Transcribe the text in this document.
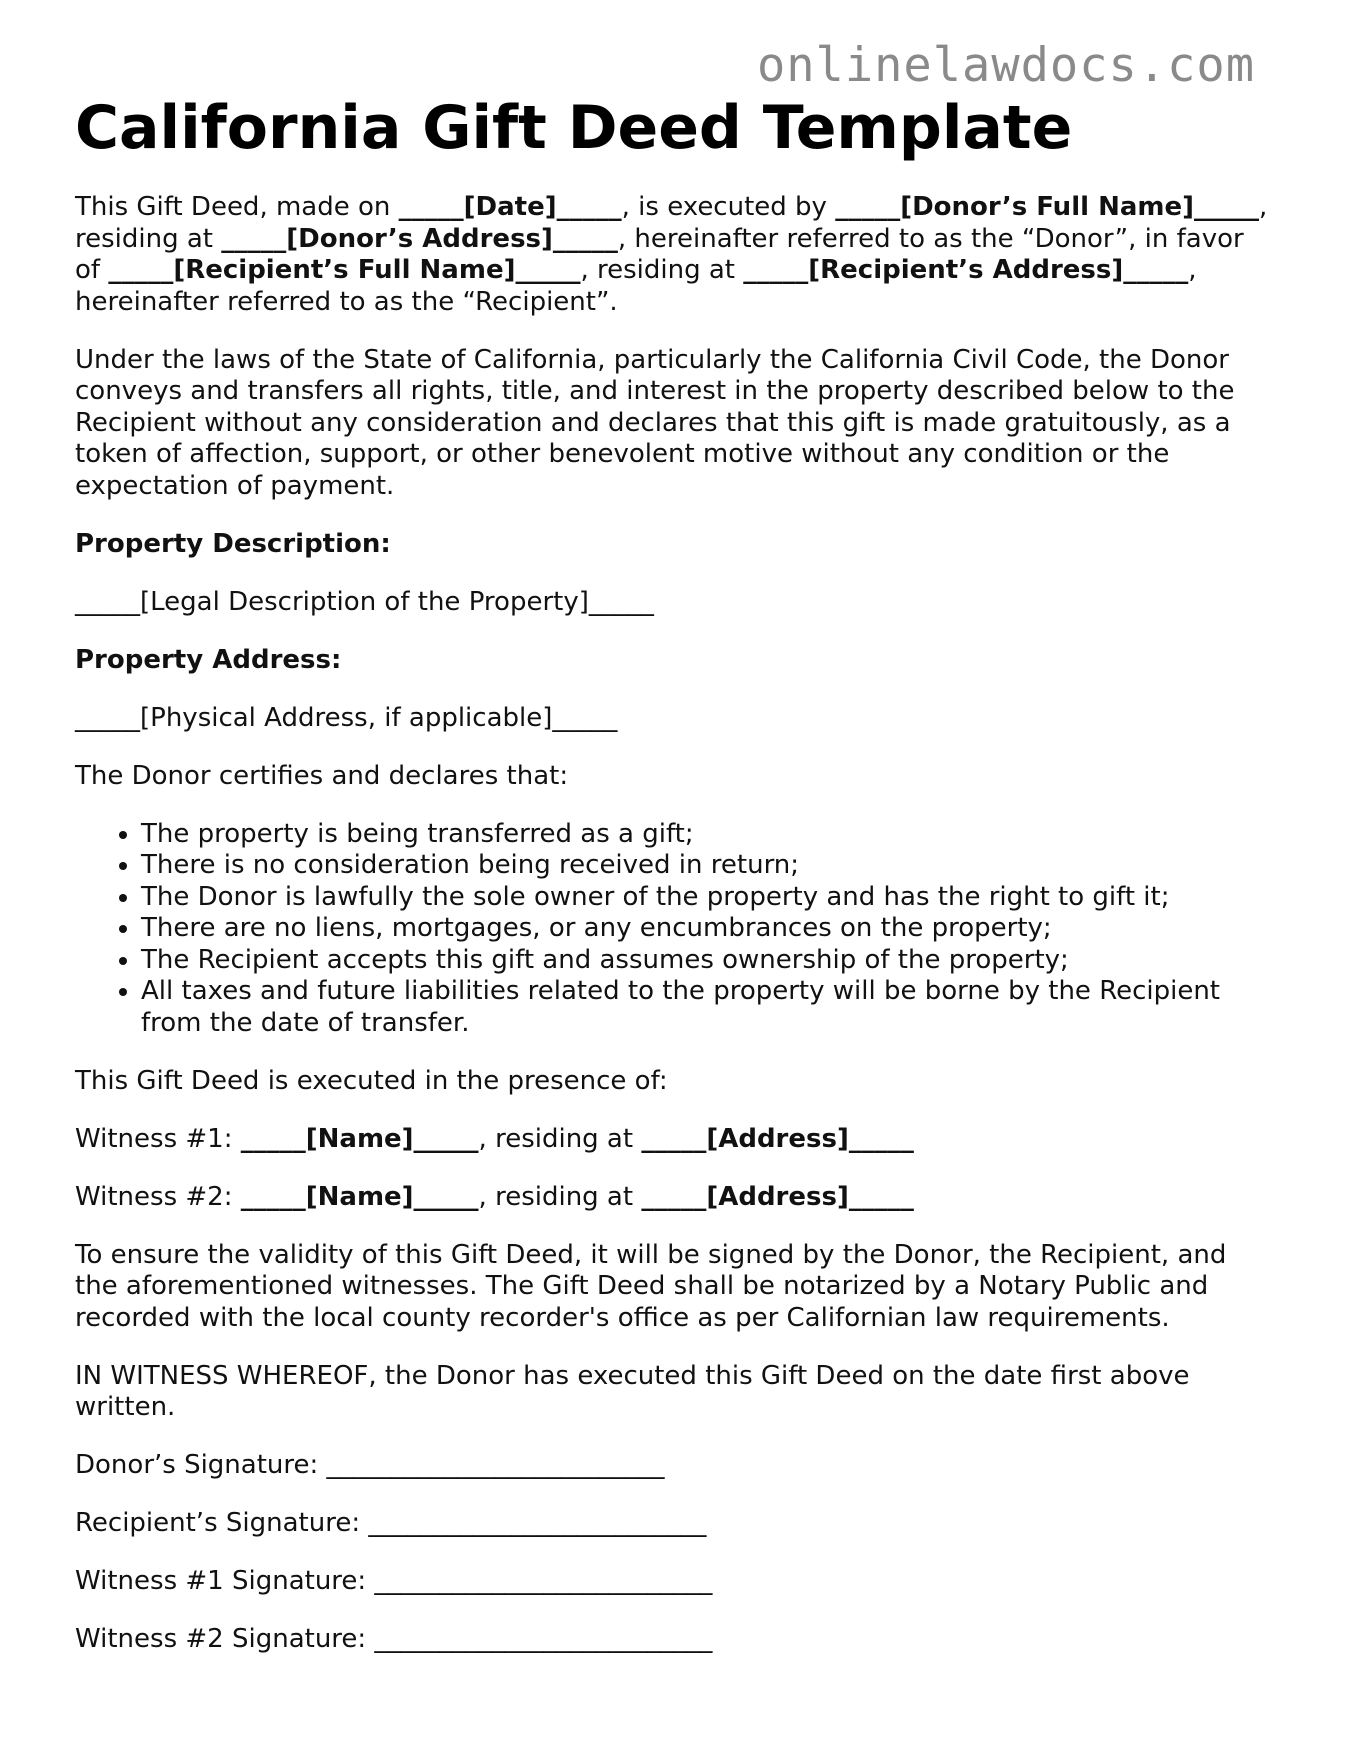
onlinelawdocs.com
California Gift Deed Template

This Gift Deed, made on _____[Date]_____, is executed by _____[Donor’s Full Name]_____, residing at _____[Donor’s Address]_____, hereinafter referred to as the “Donor”, in favor of _____[Recipient’s Full Name]_____, residing at _____[Recipient’s Address]_____, hereinafter referred to as the “Recipient”.

Under the laws of the State of California, particularly the California Civil Code, the Donor conveys and transfers all rights, title, and interest in the property described below to the Recipient without any consideration and declares that this gift is made gratuitously, as a token of affection, support, or other benevolent motive without any condition or the expectation of payment.

Property Description:

_____[Legal Description of the Property]_____

Property Address:

_____[Physical Address, if applicable]_____

The Donor certifies and declares that:

• The property is being transferred as a gift;
• There is no consideration being received in return;
• The Donor is lawfully the sole owner of the property and has the right to gift it;
• There are no liens, mortgages, or any encumbrances on the property;
• The Recipient accepts this gift and assumes ownership of the property;
• All taxes and future liabilities related to the property will be borne by the Recipient from the date of transfer.

This Gift Deed is executed in the presence of:

Witness #1: _____[Name]_____, residing at _____[Address]_____

Witness #2: _____[Name]_____, residing at _____[Address]_____

To ensure the validity of this Gift Deed, it will be signed by the Donor, the Recipient, and the aforementioned witnesses. The Gift Deed shall be notarized by a Notary Public and recorded with the local county recorder's office as per Californian law requirements.

IN WITNESS WHEREOF, the Donor has executed this Gift Deed on the date first above written.

Donor’s Signature: __________________________

Recipient’s Signature: __________________________

Witness #1 Signature: __________________________

Witness #2 Signature: __________________________
